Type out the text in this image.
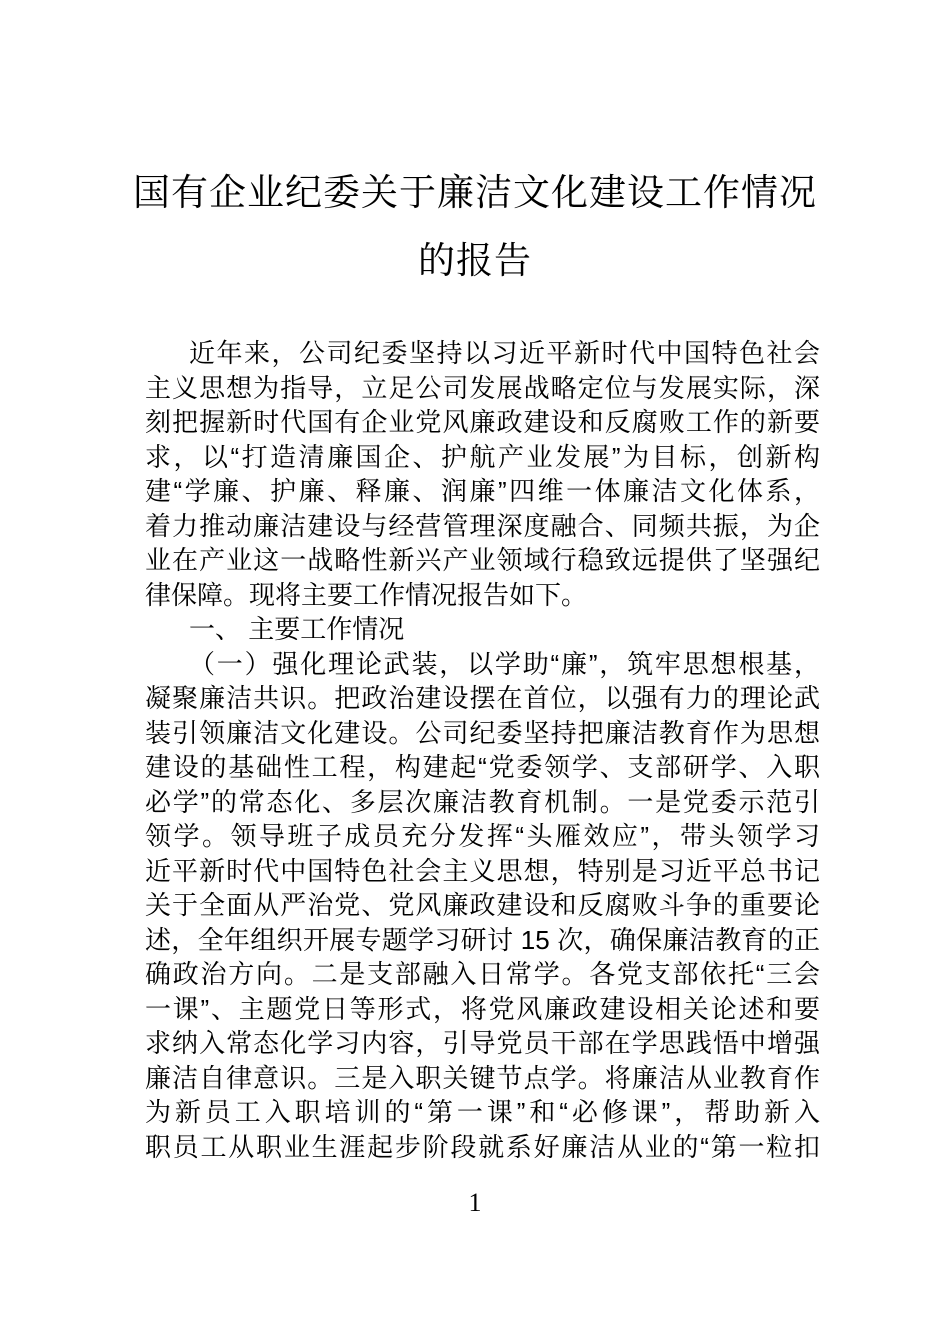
国有企业纪委关于廉洁文化建设工作情况
的报告
近年来，公司纪委坚持以习近平新时代中国特色社会
主义思想为指导，立足公司发展战略定位与发展实际，深
刻把握新时代国有企业党风廉政建设和反腐败工作的新要
求，以“打造清廉国企、护航产业发展”为目标，创新构
建“学廉、护廉、释廉、润廉”四维一体廉洁文化体系，
着力推动廉洁建设与经营管理深度融合、同频共振，为企
业在产业这一战略性新兴产业领域行稳致远提供了坚强纪
律保障。现将主要工作情况报告如下。
一、 主要工作情况
（一）强化理论武装，以学助“廉”，筑牢思想根基，
凝聚廉洁共识。把政治建设摆在首位，以强有力的理论武
装引领廉洁文化建设。公司纪委坚持把廉洁教育作为思想
建设的基础性工程，构建起“党委领学、支部研学、入职
必学”的常态化、多层次廉洁教育机制。一是党委示范引
领学。领导班子成员充分发挥“头雁效应”，带头领学习
近平新时代中国特色社会主义思想，特别是习近平总书记
关于全面从严治党、党风廉政建设和反腐败斗争的重要论
述，全年组织开展专题学习研讨 15 次，确保廉洁教育的正
确政治方向。二是支部融入日常学。各党支部依托“三会
一课”、主题党日等形式，将党风廉政建设相关论述和要
求纳入常态化学习内容，引导党员干部在学思践悟中增强
廉洁自律意识。三是入职关键节点学。将廉洁从业教育作
为新员工入职培训的“第一课”和“必修课”，帮助新入
职员工从职业生涯起步阶段就系好廉洁从业的“第一粒扣
1
